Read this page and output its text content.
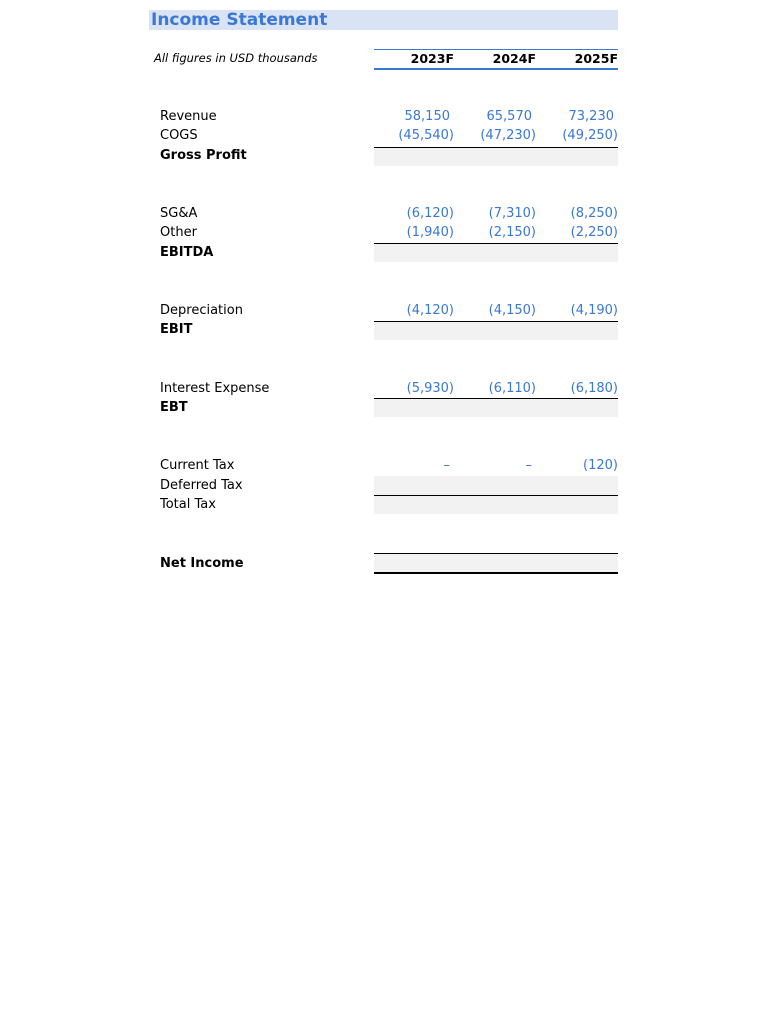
Income Statement
All figures in USD thousands	2023F	2024F	2025F
Revenue	58,150	65,570	73,230
COGS	(45,540)	(47,230)	(49,250)
Gross Profit
SG&A	(6,120)	(7,310)	(8,250)
Other	(1,940)	(2,150)	(2,250)
EBITDA
Depreciation	(4,120)	(4,150)	(4,190)
EBIT
Interest Expense	(5,930)	(6,110)	(6,180)
EBT
Current Tax	–	–	(120)
Deferred Tax
Total Tax
Net Income
